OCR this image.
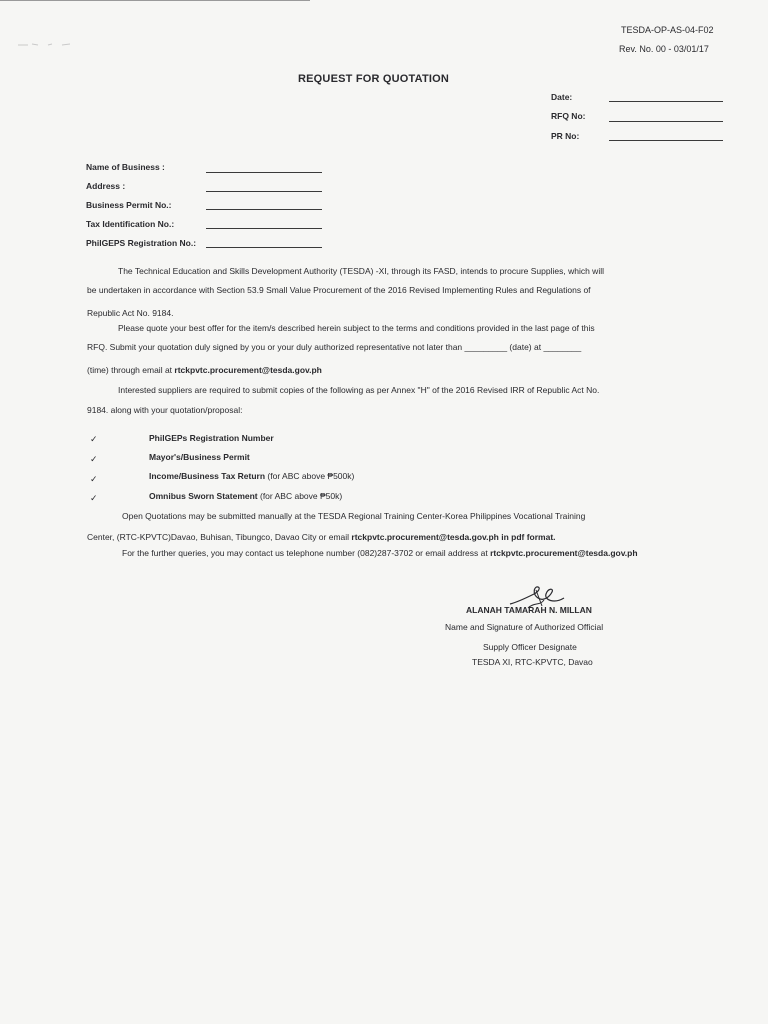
TESDA-OP-AS-04-F02
Rev. No. 00 - 03/01/17
REQUEST FOR QUOTATION
Date:
RFQ No:
PR No:
Name of Business :
Address :
Business Permit No.:
Tax Identification No.:
PhilGEPS Registration No.:
The Technical Education and Skills Development Authority (TESDA) -XI, through its FASD, intends to procure Supplies, which will
be undertaken in accordance with Section 53.9 Small Value Procurement of the 2016 Revised Implementing Rules and Regulations of
Republic Act No. 9184.
Please quote your best offer for the item/s described herein subject to the terms and conditions provided in the last page of this
RFQ. Submit your quotation duly signed by you or your duly authorized representative not later than _________ (date) at ________
(time) through email at rtckpvtc.procurement@tesda.gov.ph
Interested suppliers are required to submit copies of the following as per Annex "H" of the 2016 Revised IRR of Republic Act No.
9184. along with your quotation/proposal:
✓	PhilGEPs Registration Number
✓	Mayor's/Business Permit
✓	Income/Business Tax Return (for ABC above ₱500k)
✓	Omnibus Sworn Statement (for ABC above ₱50k)
Open Quotations may be submitted manually at the TESDA Regional Training Center-Korea Philippines Vocational Training
Center, (RTC-KPVTC)Davao, Buhisan, Tibungco, Davao City or email rtckpvtc.procurement@tesda.gov.ph in pdf format.
For the further queries, you may contact us telephone number (082)287-3702 or email address at rtckpvtc.procurement@tesda.gov.ph
ALANAH TAMARAH N. MILLAN
Name and Signature of Authorized Official
Supply Officer Designate
TESDA XI, RTC-KPVTC, Davao
